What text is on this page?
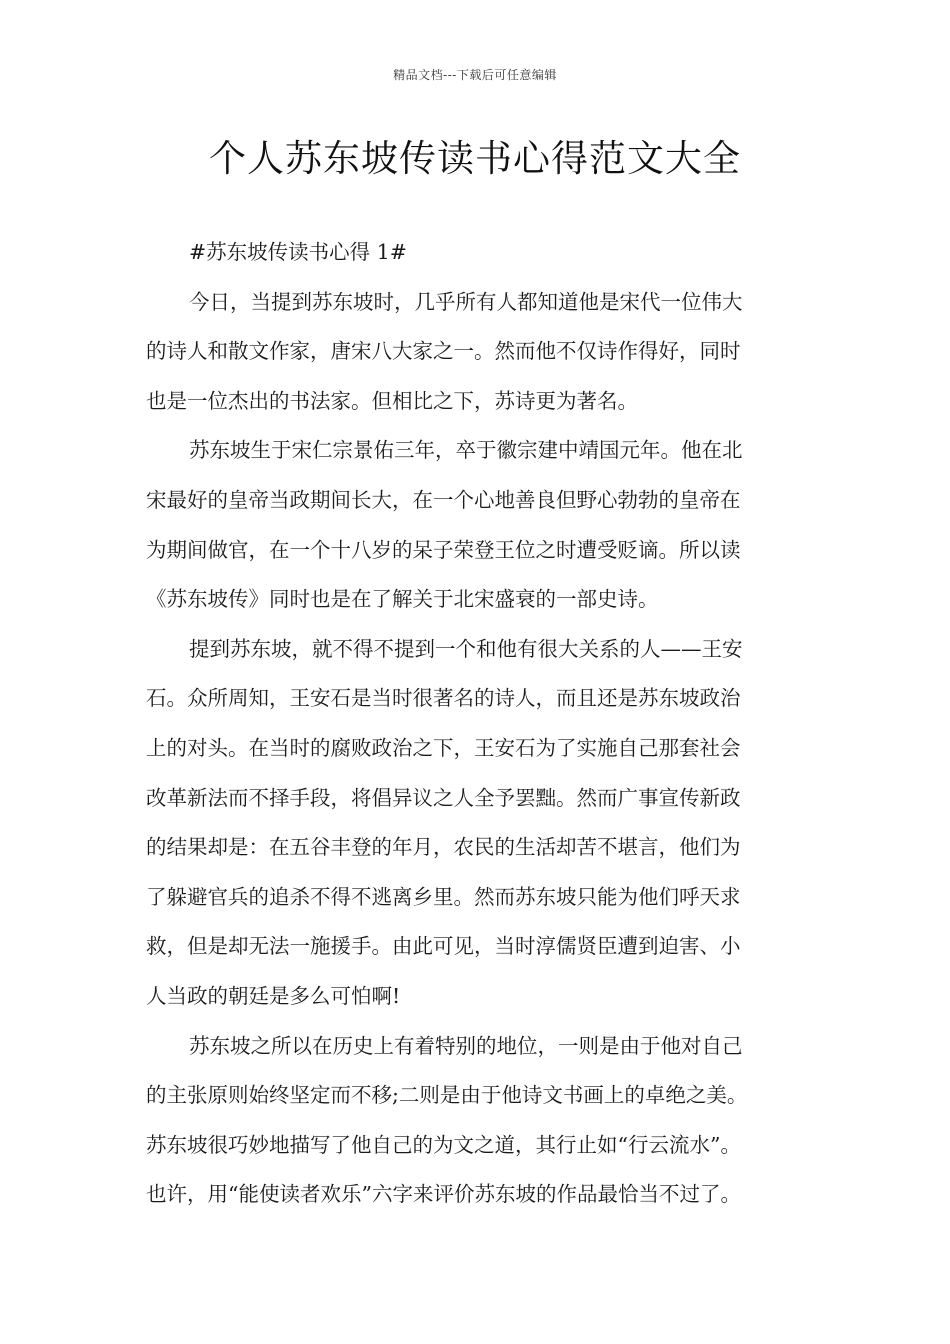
精品文档---下载后可任意编辑
个人苏东坡传读书心得范文大全
#苏东坡传读书心得 1#

今日，当提到苏东坡时，几乎所有人都知道他是宋代一位伟大
的诗人和散文作家，唐宋八大家之一。然而他不仅诗作得好，同时
也是一位杰出的书法家。但相比之下，苏诗更为著名。

苏东坡生于宋仁宗景佑三年，卒于徽宗建中靖国元年。他在北
宋最好的皇帝当政期间长大，在一个心地善良但野心勃勃的皇帝在
为期间做官，在一个十八岁的呆子荣登王位之时遭受贬谪。所以读
《苏东坡传》同时也是在了解关于北宋盛衰的一部史诗。

提到苏东坡，就不得不提到一个和他有很大关系的人——王安
石。众所周知，王安石是当时很著名的诗人，而且还是苏东坡政治
上的对头。在当时的腐败政治之下，王安石为了实施自己那套社会
改革新法而不择手段，将倡异议之人全予罢黜。然而广事宣传新政
的结果却是：在五谷丰登的年月，农民的生活却苦不堪言，他们为
了躲避官兵的追杀不得不逃离乡里。然而苏东坡只能为他们呼天求
救，但是却无法一施援手。由此可见，当时淳儒贤臣遭到迫害、小
人当政的朝廷是多么可怕啊!

苏东坡之所以在历史上有着特别的地位，一则是由于他对自己
的主张原则始终坚定而不移;二则是由于他诗文书画上的卓绝之美。
苏东坡很巧妙地描写了他自己的为文之道，其行止如“行云流水”。
也许，用“能使读者欢乐”六字来评价苏东坡的作品最恰当不过了。
